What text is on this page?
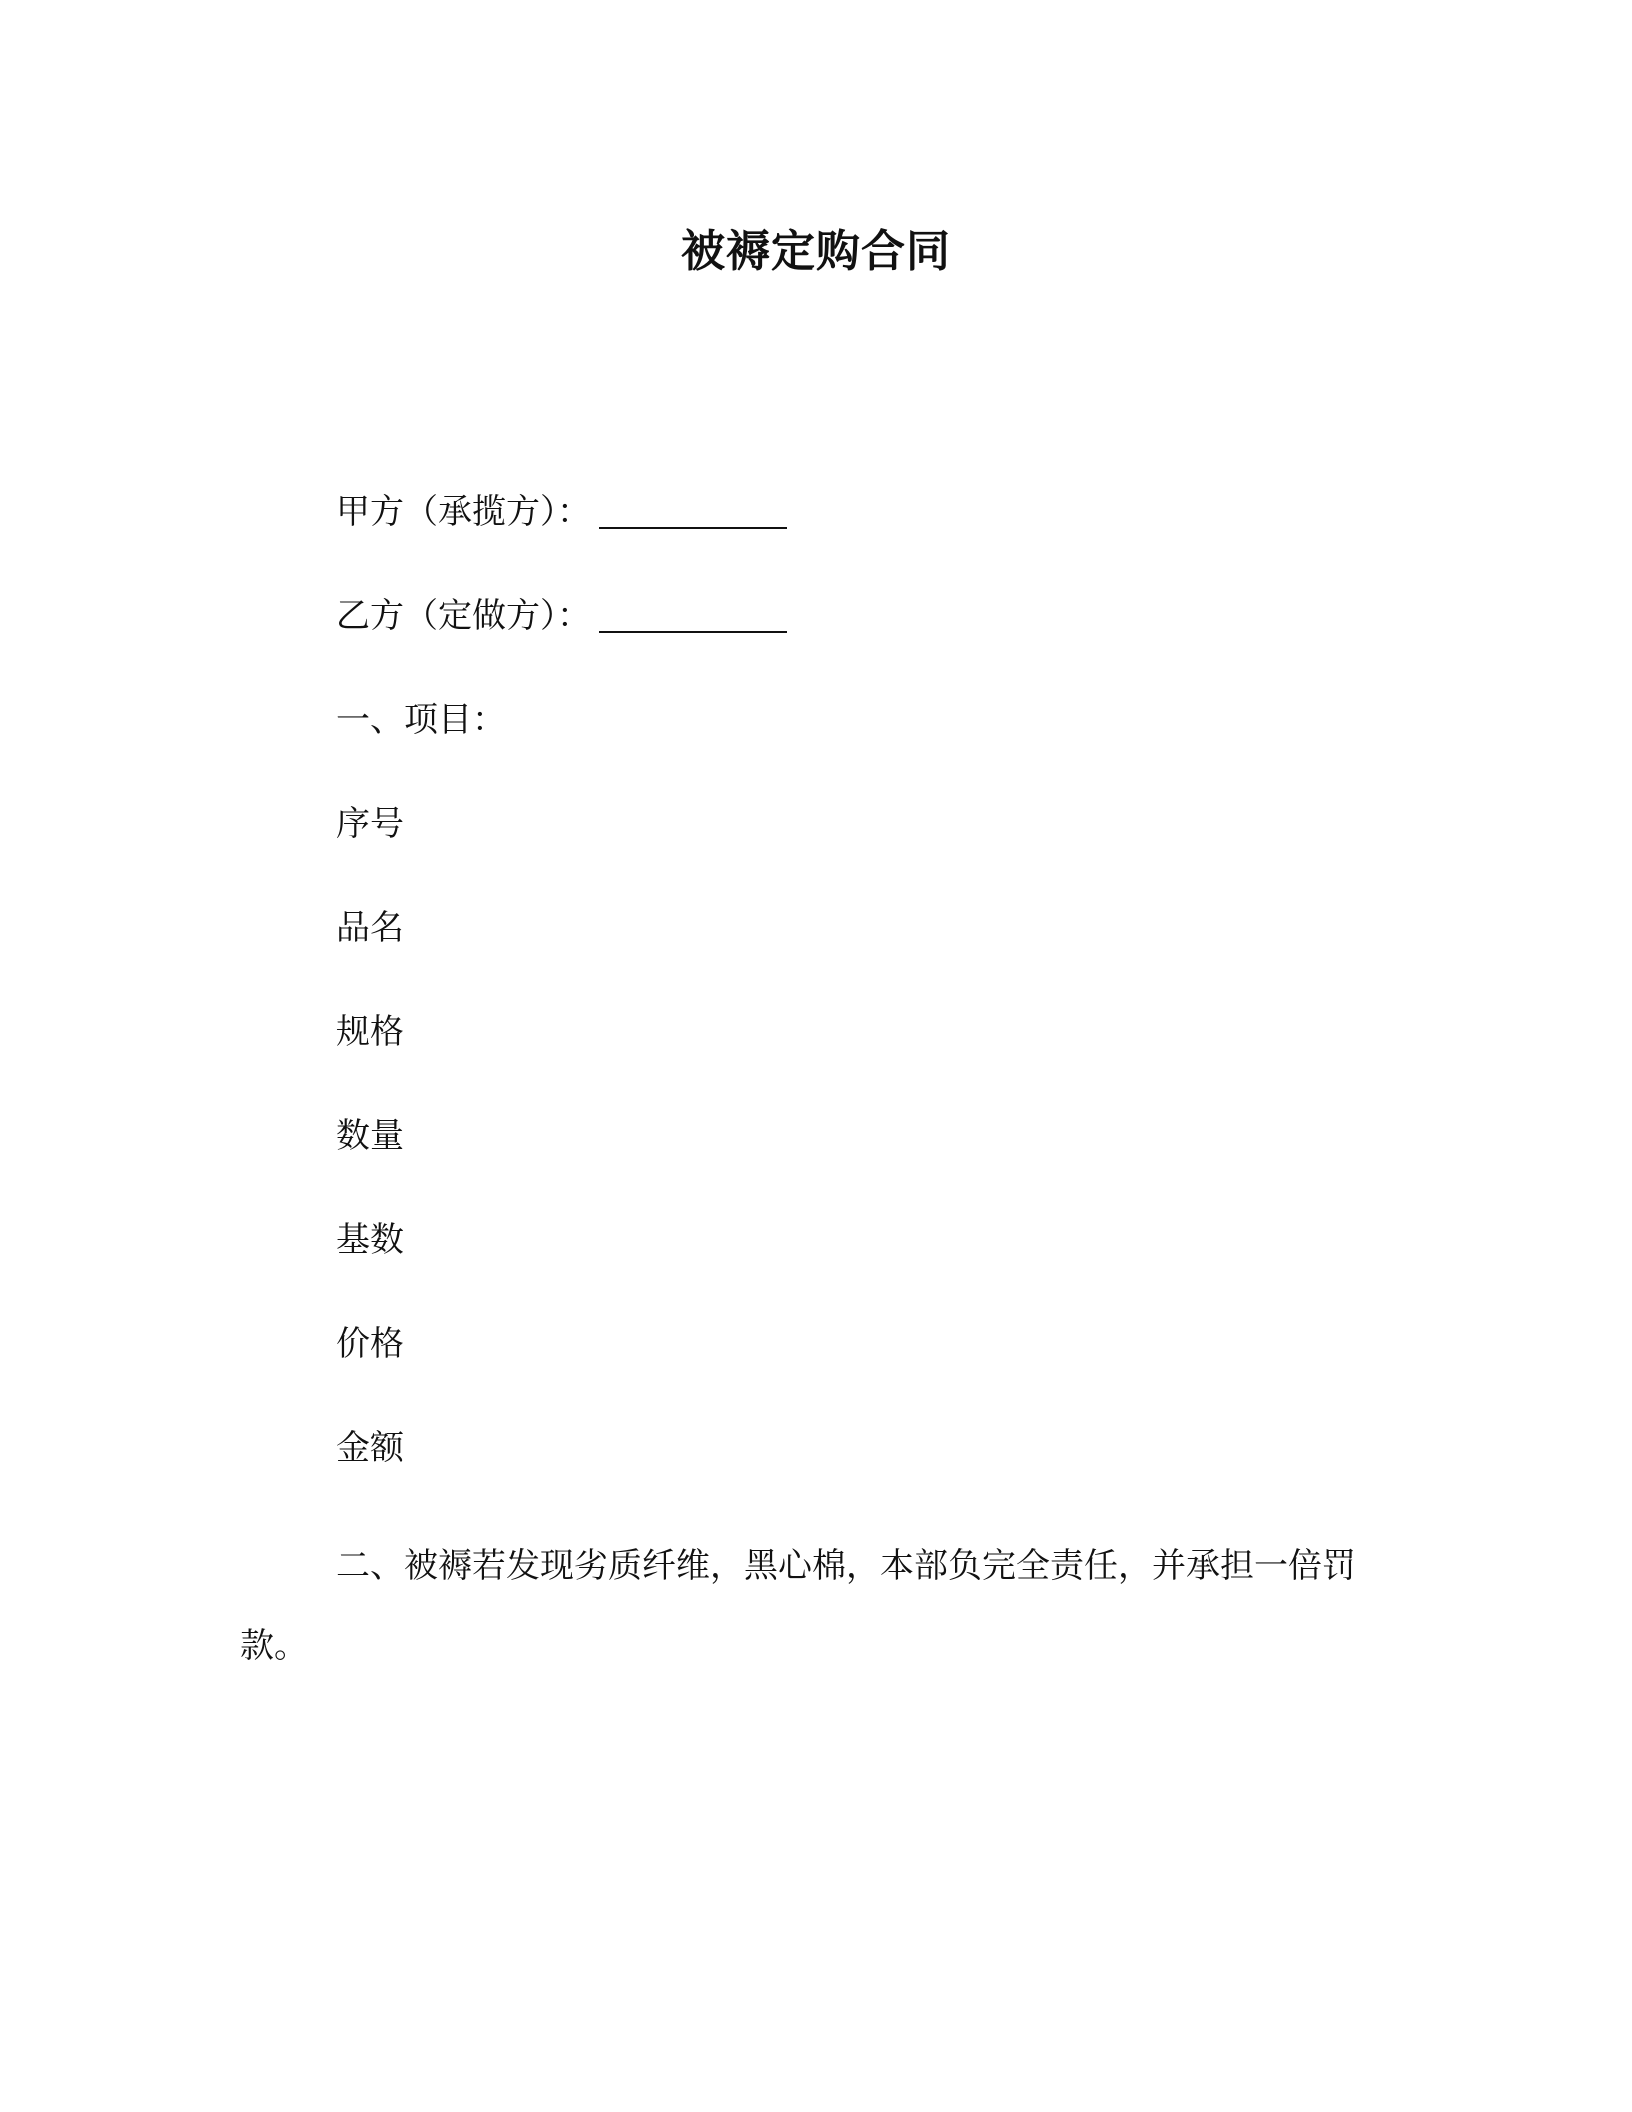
被褥定购合同
甲方（承揽方）：
乙方（定做方）：
一、项目：
序号
品名
规格
数量
基数
价格
金额
二、被褥若发现劣质纤维，黑心棉，本部负完全责任，并承担一倍罚款。
